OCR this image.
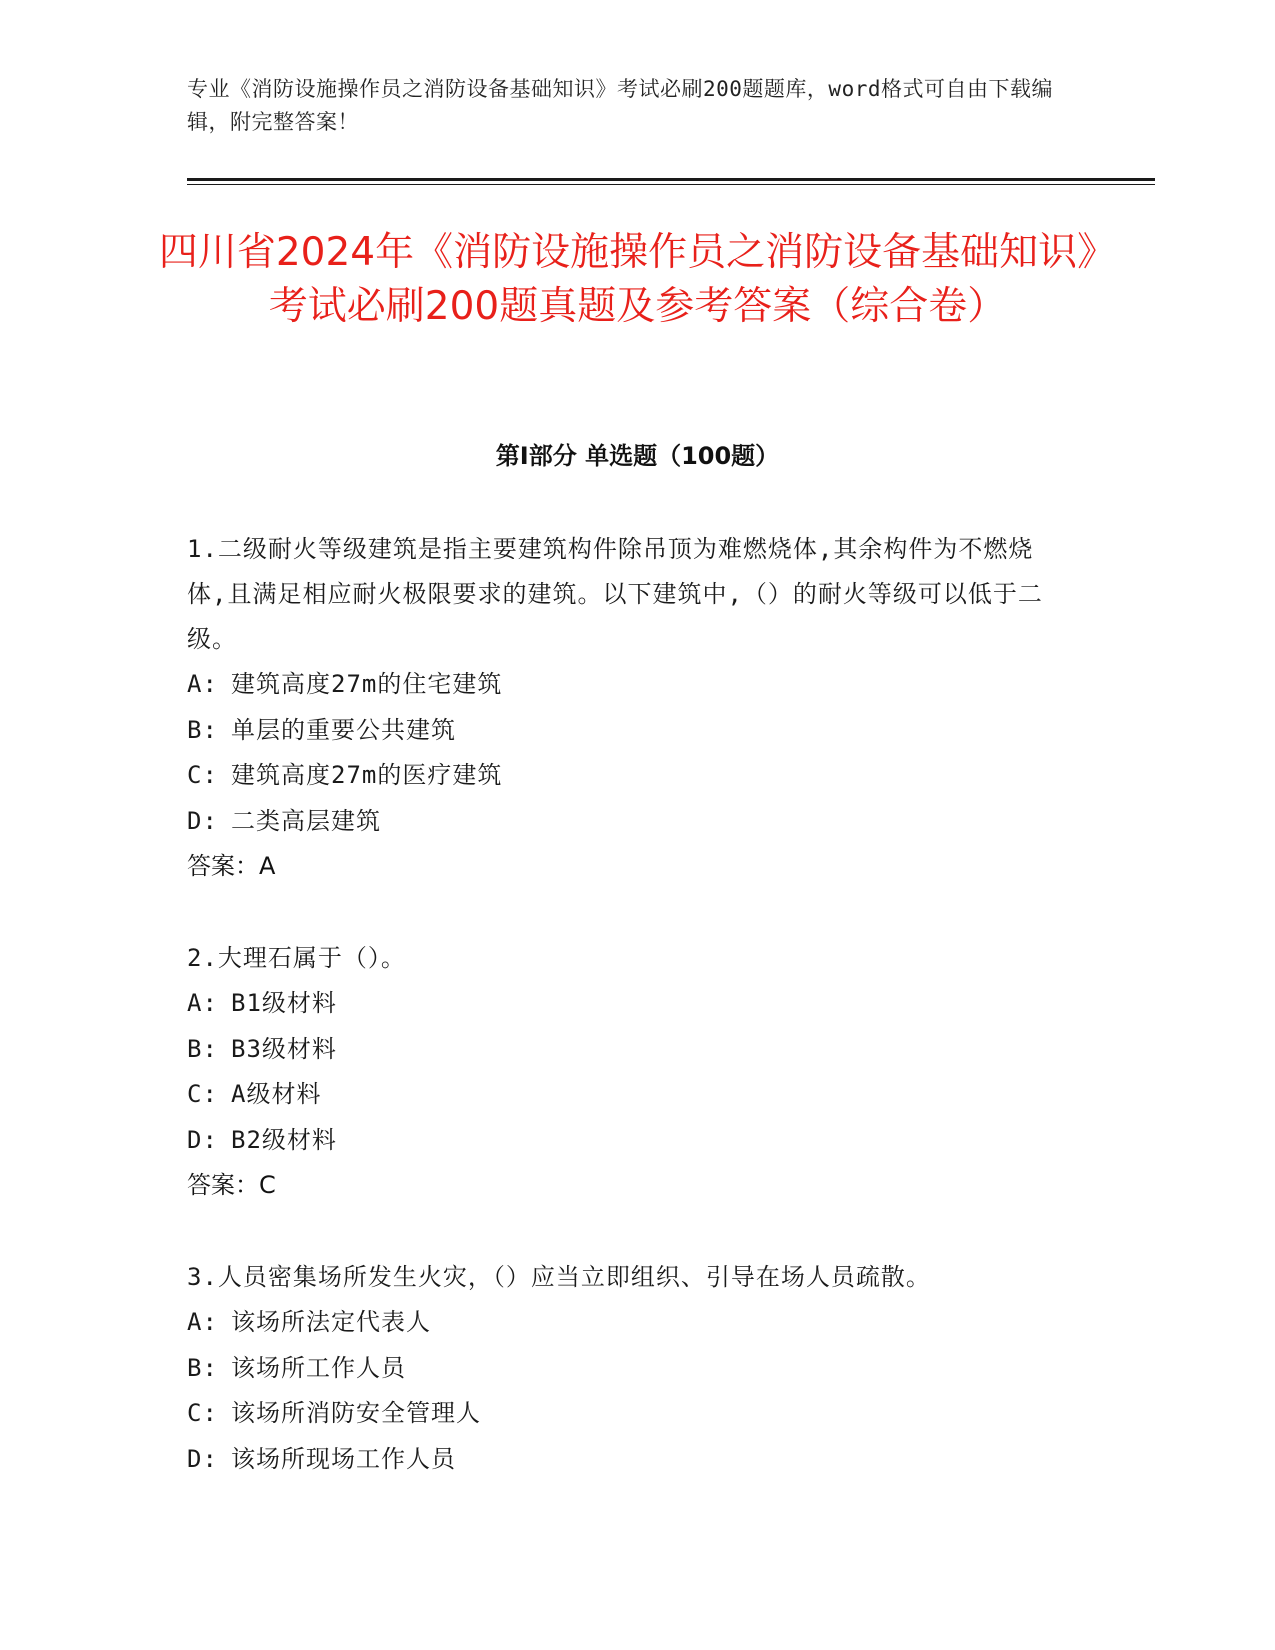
专业《消防设施操作员之消防设备基础知识》考试必刷200题题库，word格式可自由下载编辑，附完整答案！
四川省2024年《消防设施操作员之消防设备基础知识》考试必刷200题真题及参考答案（综合卷）
第I部分 单选题（100题）

1.二级耐火等级建筑是指主要建筑构件除吊顶为难燃烧体,其余构件为不燃烧体,且满足相应耐火极限要求的建筑。以下建筑中,（）的耐火等级可以低于二级。

A: 建筑高度27m的住宅建筑

B: 单层的重要公共建筑

C: 建筑高度27m的医疗建筑

D: 二类高层建筑

答案：A

2.大理石属于（）。

A: B1级材料

B: B3级材料

C: A级材料

D: B2级材料

答案：C

3.人员密集场所发生火灾，（）应当立即组织、引导在场人员疏散。

A: 该场所法定代表人

B: 该场所工作人员

C: 该场所消防安全管理人

D: 该场所现场工作人员
